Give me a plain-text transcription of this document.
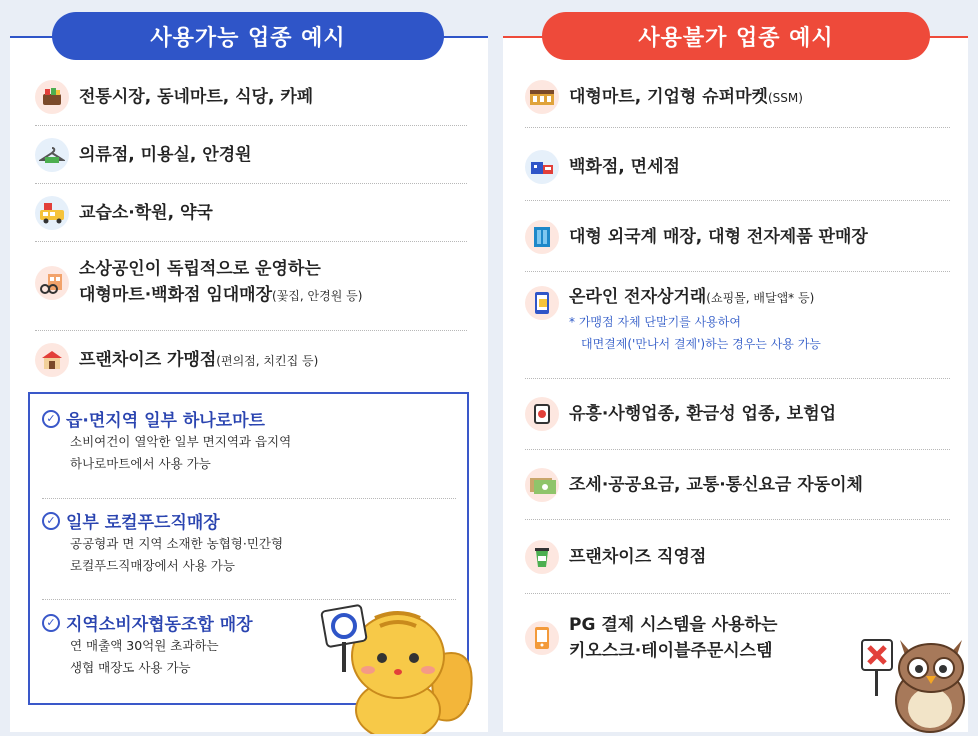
사용가능 업종 예시	사용불가 업종 예시
전통시장, 동네마트, 식당, 카페
의류점, 미용실, 안경원
교습소·학원, 약국
소상공인이 독립적으로 운영하는
대형마트·백화점 임대매장(꽃집, 안경원 등)
프랜차이즈 가맹점(편의점, 치킨집 등)
✓ 읍·면지역 일부 하나로마트
소비여건이 열악한 일부 면지역과 읍지역
하나로마트에서 사용 가능
✓ 일부 로컬푸드직매장
공공형과 면 지역 소재한 농협형·민간형
로컬푸드직매장에서 사용 가능
✓ 지역소비자협동조합 매장
연 매출액 30억원 초과하는
생협 매장도 사용 가능
대형마트, 기업형 슈퍼마켓(SSM)
백화점, 면세점
대형 외국계 매장, 대형 전자제품 판매장
온라인 전자상거래(쇼핑몰, 배달앱* 등)
* 가맹점 자체 단말기를 사용하여
대면결제('만나서 결제')하는 경우는 사용 가능
유흥·사행업종, 환금성 업종, 보험업
조세·공공요금, 교통·통신요금 자동이체
프랜차이즈 직영점
PG 결제 시스템을 사용하는
키오스크·테이블주문시스템
